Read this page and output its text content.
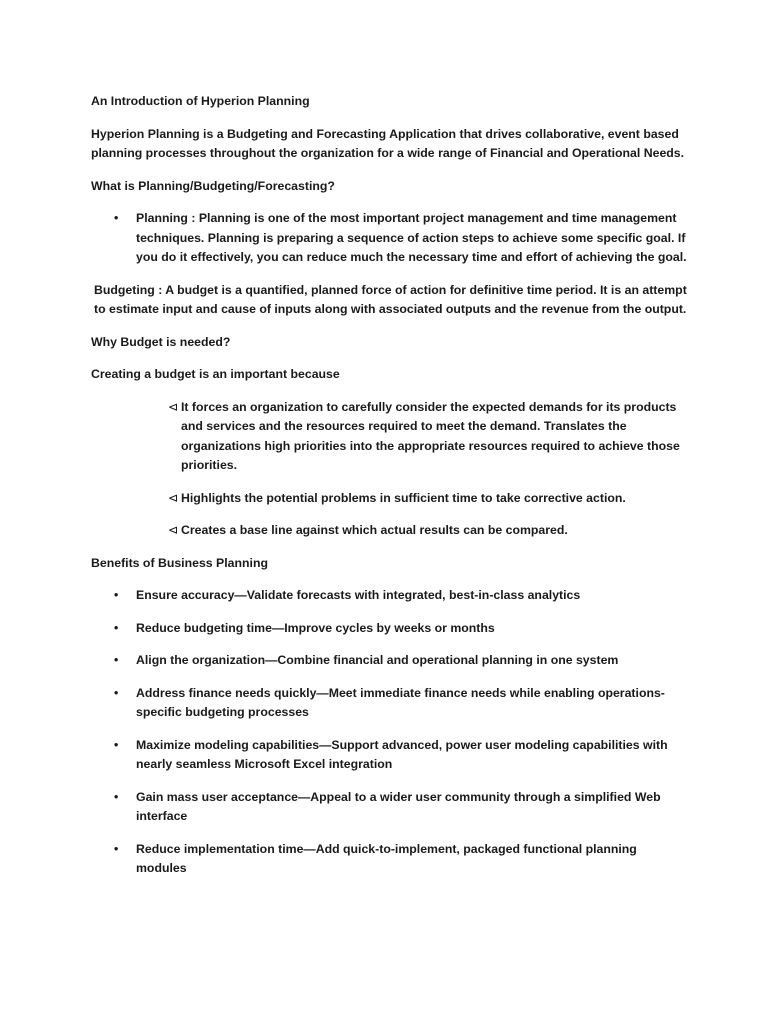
An Introduction of Hyperion Planning

Hyperion Planning is a Budgeting and Forecasting Application that drives collaborative, event based planning processes throughout the organization for a wide range of Financial and Operational Needs.

What is Planning/Budgeting/Forecasting?

•	Planning : Planning is one of the most important project management and time management techniques. Planning is preparing a sequence of action steps to achieve some specific goal. If you do it effectively, you can reduce much the necessary time and effort of achieving the goal.

Budgeting : A budget is a quantified, planned force of action for definitive time period. It is an attempt to estimate input and cause of inputs along with associated outputs and the revenue from the output.

Why Budget is needed?

Creating a budget is an important because

⊲ It forces an organization to carefully consider the expected demands for its products and services and the resources required to meet the demand. Translates the organizations high priorities into the appropriate resources required to achieve those priorities.
⊲ Highlights the potential problems in sufficient time to take corrective action.
⊲ Creates a base line against which actual results can be compared.

Benefits of Business Planning

•	Ensure accuracy—Validate forecasts with integrated, best-in-class analytics
•	Reduce budgeting time—Improve cycles by weeks or months
•	Align the organization—Combine financial and operational planning in one system
•	Address finance needs quickly—Meet immediate finance needs while enabling operations-specific budgeting processes
•	Maximize modeling capabilities—Support advanced, power user modeling capabilities with nearly seamless Microsoft Excel integration
•	Gain mass user acceptance—Appeal to a wider user community through a simplified Web interface
•	Reduce implementation time—Add quick-to-implement, packaged functional planning modules
